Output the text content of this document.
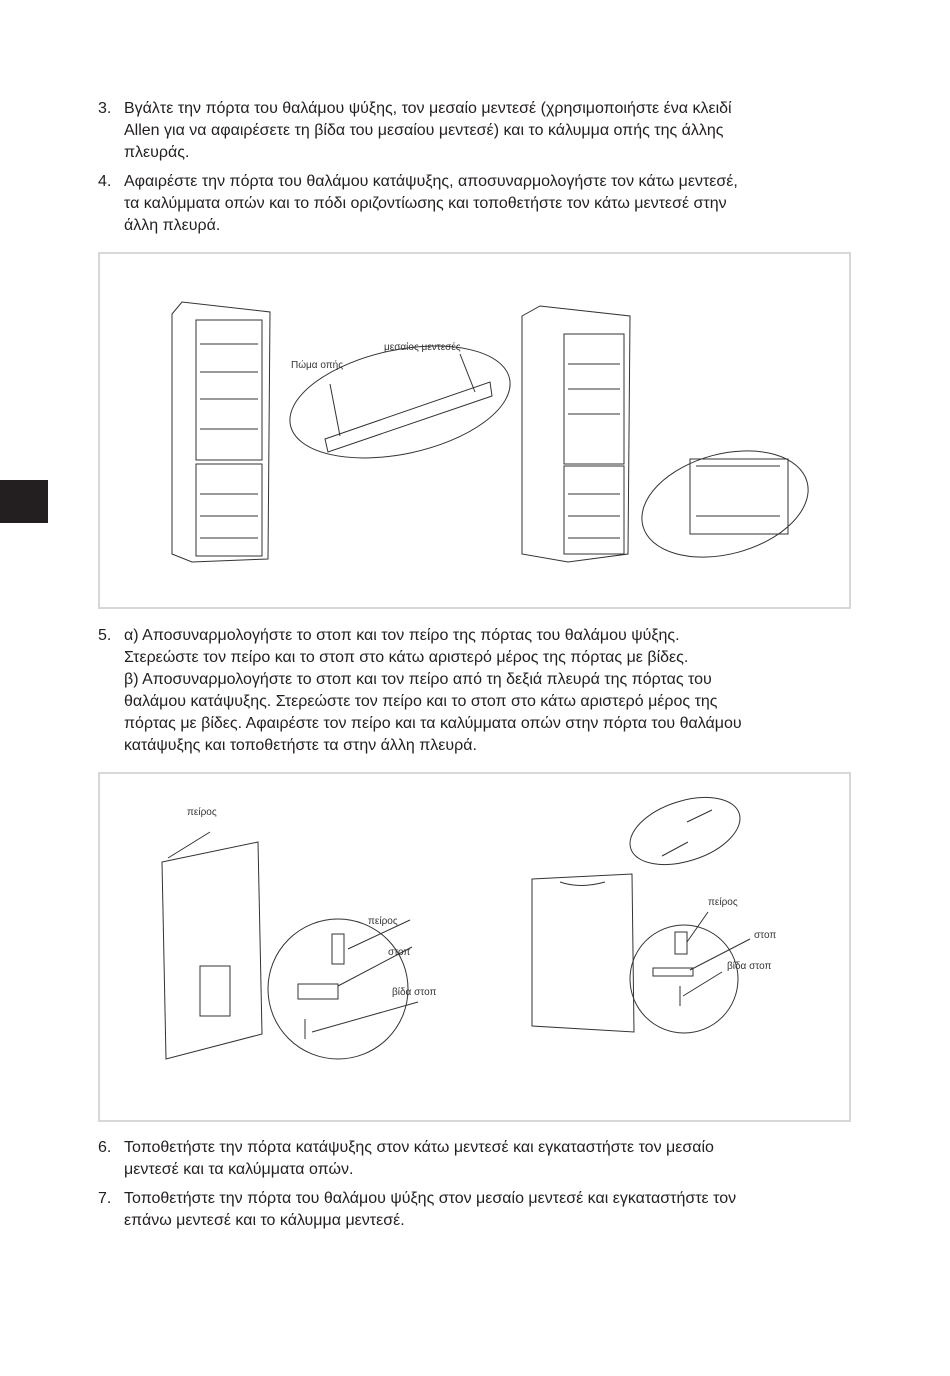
3. Βγάλτε την πόρτα του θαλάμου ψύξης, τον μεσαίο μεντεσέ (χρησιμοποιήστε ένα κλειδί
Allen για να αφαιρέσετε τη βίδα του μεσαίου μεντεσέ) και το κάλυμμα οπής της άλλης
πλευράς.
4. Αφαιρέστε την πόρτα του θαλάμου κατάψυξης, αποσυναρμολογήστε τον κάτω μεντεσέ,
τα καλύμματα οπών και το πόδι οριζοντίωσης και τοποθετήστε τον κάτω μεντεσέ στην
άλλη πλευρά.
Πώμα οπής
μεσαίος μεντεσές
5. α) Αποσυναρμολογήστε το στοπ και τον πείρο της πόρτας του θαλάμου ψύξης.
Στερεώστε τον πείρο και το στοπ στο κάτω αριστερό μέρος της πόρτας με βίδες.
β) Αποσυναρμολογήστε το στοπ και τον πείρο από τη δεξιά πλευρά της πόρτας του
θαλάμου κατάψυξης. Στερεώστε τον πείρο και το στοπ στο κάτω αριστερό μέρος της
πόρτας με βίδες. Αφαιρέστε τον πείρο και τα καλύμματα οπών στην πόρτα του θαλάμου
κατάψυξης και τοποθετήστε τα στην άλλη πλευρά.
πείρος
πείρος
στοπ
βίδα στοπ
πείρος
στοπ
βίδα στοπ
6. Τοποθετήστε την πόρτα κατάψυξης στον κάτω μεντεσέ και εγκαταστήστε τον μεσαίο
μεντεσέ και τα καλύμματα οπών.
7. Τοποθετήστε την πόρτα του θαλάμου ψύξης στον μεσαίο μεντεσέ και εγκαταστήστε τον
επάνω μεντεσέ και το κάλυμμα μεντεσέ.
